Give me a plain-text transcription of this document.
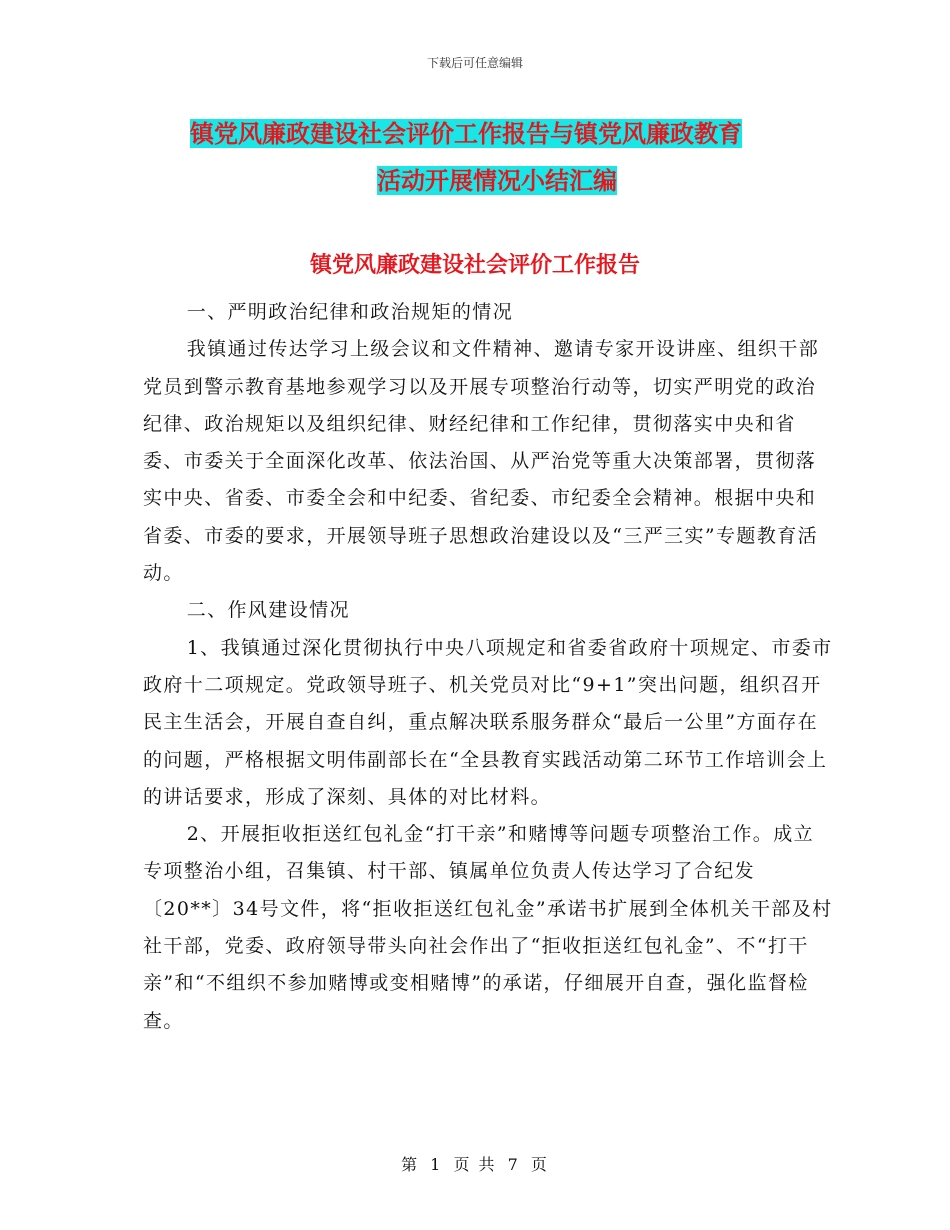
下载后可任意编辑
镇党风廉政建设社会评价工作报告与镇党风廉政教育

活动开展情况小结汇编
镇党风廉政建设社会评价工作报告

一、严明政治纪律和政治规矩的情况

我镇通过传达学习上级会议和文件精神、邀请专家开设讲座、组织干部党员到警示教育基地参观学习以及开展专项整治行动等，切实严明党的政治纪律、政治规矩以及组织纪律、财经纪律和工作纪律，贯彻落实中央和省委、市委关于全面深化改革、依法治国、从严治党等重大决策部署，贯彻落实中央、省委、市委全会和中纪委、省纪委、市纪委全会精神。根据中央和省委、市委的要求，开展领导班子思想政治建设以及“三严三实”专题教育活动。

二、作风建设情况

1、我镇通过深化贯彻执行中央八项规定和省委省政府十项规定、市委市政府十二项规定。党政领导班子、机关党员对比“9+1”突出问题，组织召开民主生活会，开展自查自纠，重点解决联系服务群众“最后一公里”方面存在的问题，严格根据文明伟副部长在“全县教育实践活动第二环节工作培训会上的讲话要求，形成了深刻、具体的对比材料。

2、开展拒收拒送红包礼金“打干亲”和赌博等问题专项整治工作。成立专项整治小组，召集镇、村干部、镇属单位负责人传达学习了合纪发〔20**〕34号文件，将“拒收拒送红包礼金”承诺书扩展到全体机关干部及村社干部，党委、政府领导带头向社会作出了“拒收拒送红包礼金”、不“打干亲”和“不组织不参加赌博或变相赌博”的承诺，仔细展开自查，强化监督检查。

第 1 页 共 7 页
